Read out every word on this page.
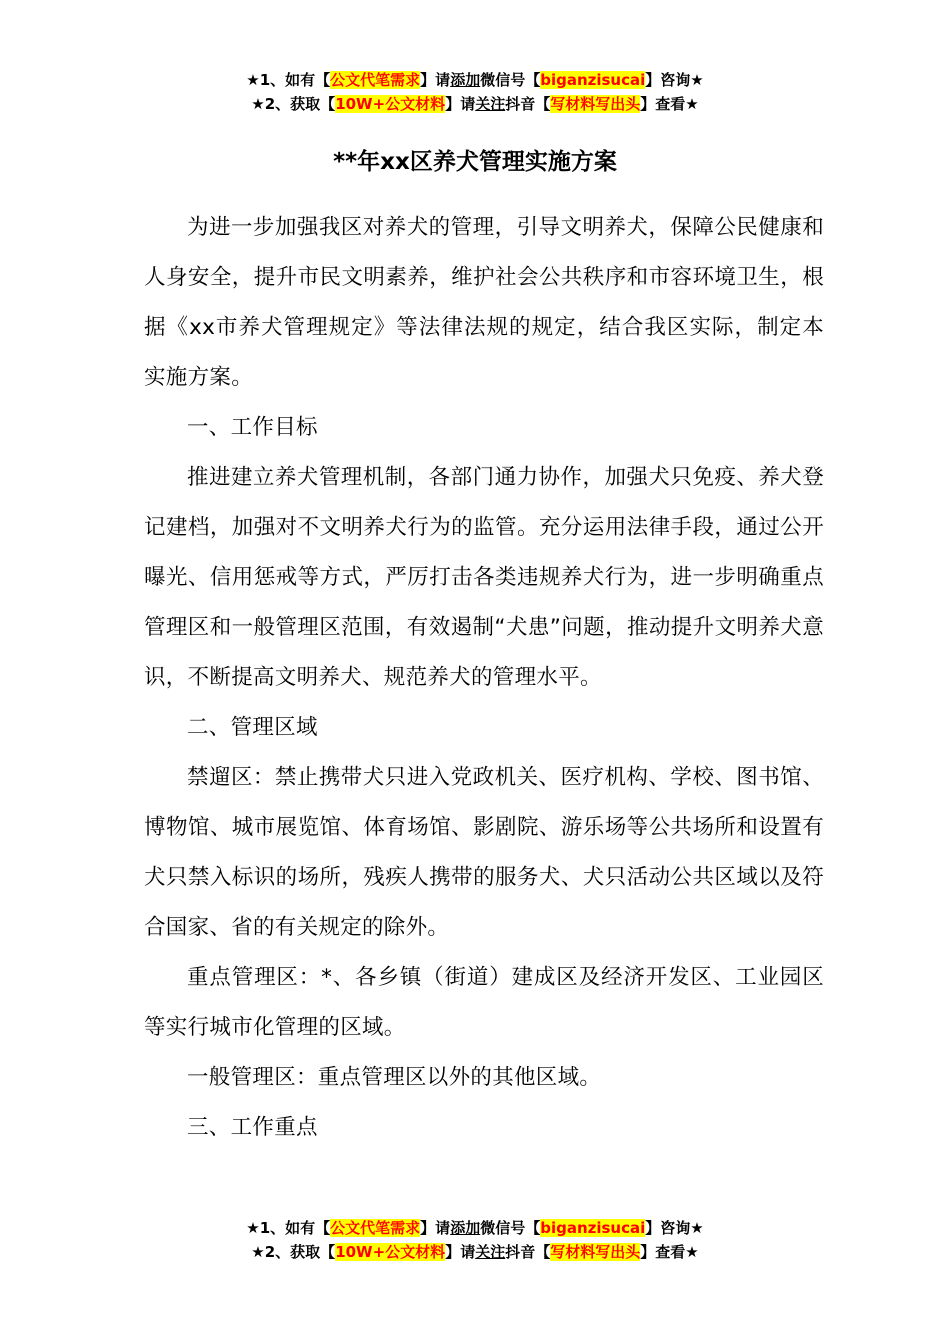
★1、如有【公文代笔需求】请添加微信号【biganzisucai】咨询★
★2、获取【10W+公文材料】请关注抖音【写材料写出头】查看★
**年xx区养犬管理实施方案

为进一步加强我区对养犬的管理，引导文明养犬，保障公民健康和人身安全，提升市民文明素养，维护社会公共秩序和市容环境卫生，根据《xx市养犬管理规定》等法律法规的规定，结合我区实际，制定本实施方案。

一、工作目标

推进建立养犬管理机制，各部门通力协作，加强犬只免疫、养犬登记建档，加强对不文明养犬行为的监管。充分运用法律手段，通过公开曝光、信用惩戒等方式，严厉打击各类违规养犬行为，进一步明确重点管理区和一般管理区范围，有效遏制“犬患”问题，推动提升文明养犬意识，不断提高文明养犬、规范养犬的管理水平。

二、管理区域

禁遛区：禁止携带犬只进入党政机关、医疗机构、学校、图书馆、博物馆、城市展览馆、体育场馆、影剧院、游乐场等公共场所和设置有犬只禁入标识的场所，残疾人携带的服务犬、犬只活动公共区域以及符合国家、省的有关规定的除外。

重点管理区：*、各乡镇（街道）建成区及经济开发区、工业园区等实行城市化管理的区域。

一般管理区：重点管理区以外的其他区域。

三、工作重点

★1、如有【公文代笔需求】请添加微信号【biganzisucai】咨询★
★2、获取【10W+公文材料】请关注抖音【写材料写出头】查看★
